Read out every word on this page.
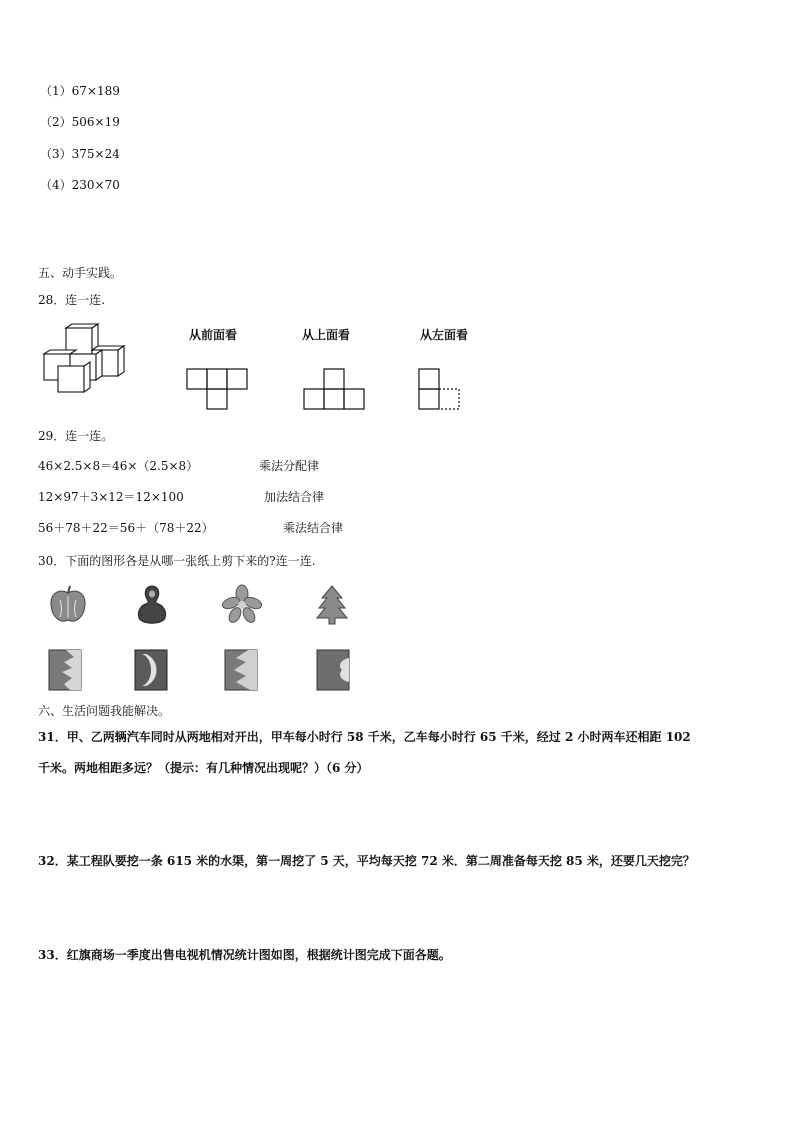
（1）67×189
（2）506×19
（3）375×24
（4）230×70
五、动手实践。
28．连一连.
从前面看	从上面看	从左面看
29．连一连。
46×2.5×8＝46×（2.5×8）
12×97＋3×12＝12×100
56＋78＋22＝56＋（78＋22）
乘法分配律
加法结合律
乘法结合律
30．下面的图形各是从哪一张纸上剪下来的?连一连.
六、生活问题我能解决。
31．甲、乙两辆汽车同时从两地相对开出，甲车每小时行 58 千米，乙车每小时行 65 千米，经过 2 小时两车还相距 102
千米。两地相距多远？（提示：有几种情况出现呢？）（6 分）
32．某工程队要挖一条 615 米的水渠，第一周挖了 5 天，平均每天挖 72 米．第二周准备每天挖 85 米，还要几天挖完？
33．红旗商场一季度出售电视机情况统计图如图，根据统计图完成下面各题。
